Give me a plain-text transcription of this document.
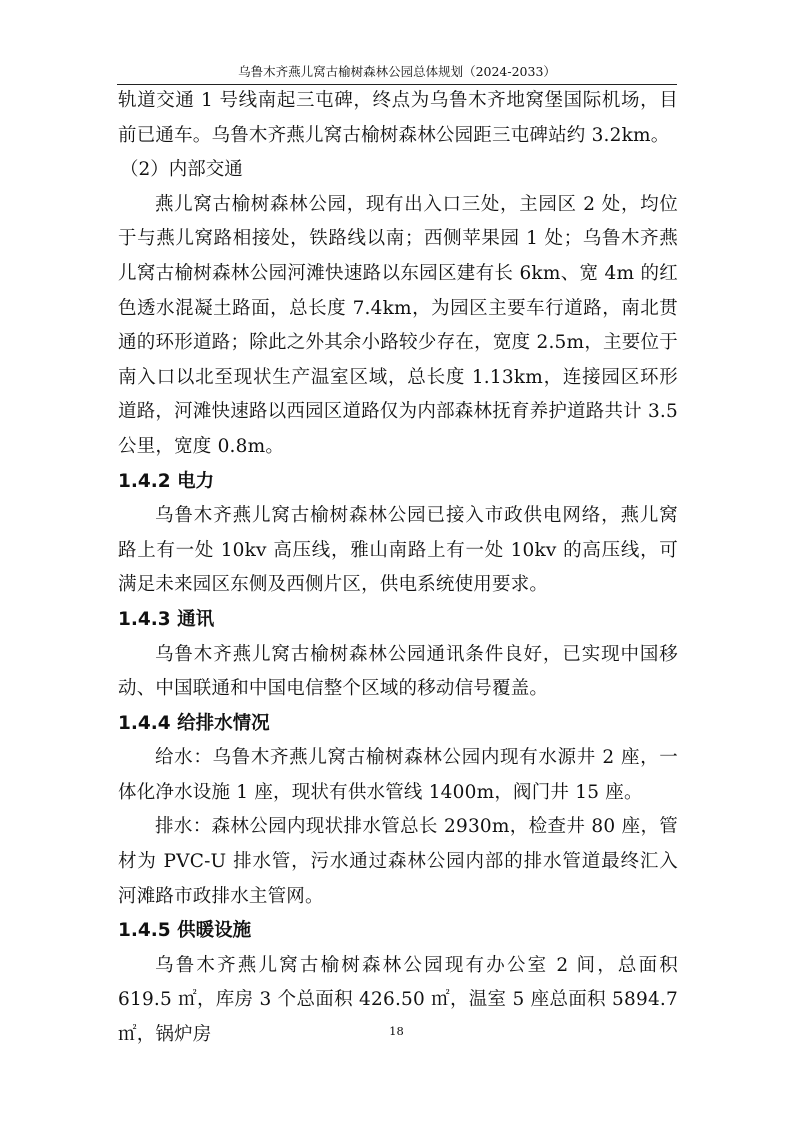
乌鲁木齐燕儿窝古榆树森林公园总体规划（2024-2033）

轨道交通 1 号线南起三屯碑，终点为乌鲁木齐地窝堡国际机场，目前已通车。乌鲁木齐燕儿窝古榆树森林公园距三屯碑站约 3.2km。

（2）内部交通

燕儿窝古榆树森林公园，现有出入口三处，主园区 2 处，均位于与燕儿窝路相接处，铁路线以南；西侧苹果园 1 处；乌鲁木齐燕儿窝古榆树森林公园河滩快速路以东园区建有长 6km、宽 4m 的红色透水混凝土路面，总长度 7.4km，为园区主要车行道路，南北贯通的环形道路；除此之外其余小路较少存在，宽度 2.5m，主要位于南入口以北至现状生产温室区域，总长度 1.13km，连接园区环形道路，河滩快速路以西园区道路仅为内部森林抚育养护道路共计 3.5 公里，宽度 0.8m。

1.4.2 电力

乌鲁木齐燕儿窝古榆树森林公园已接入市政供电网络，燕儿窝路上有一处 10kv 高压线，雅山南路上有一处 10kv 的高压线，可满足未来园区东侧及西侧片区，供电系统使用要求。

1.4.3 通讯

乌鲁木齐燕儿窝古榆树森林公园通讯条件良好，已实现中国移动、中国联通和中国电信整个区域的移动信号覆盖。

1.4.4 给排水情况

给水：乌鲁木齐燕儿窝古榆树森林公园内现有水源井 2 座，一体化净水设施 1 座，现状有供水管线 1400m，阀门井 15 座。

排水：森林公园内现状排水管总长 2930m，检查井 80 座，管材为 PVC-U 排水管，污水通过森林公园内部的排水管道最终汇入河滩路市政排水主管网。

1.4.5 供暖设施

乌鲁木齐燕儿窝古榆树森林公园现有办公室 2 间，总面积 619.5 ㎡，库房 3 个总面积 426.50 ㎡，温室 5 座总面积 5894.7 ㎡，锅炉房	18
